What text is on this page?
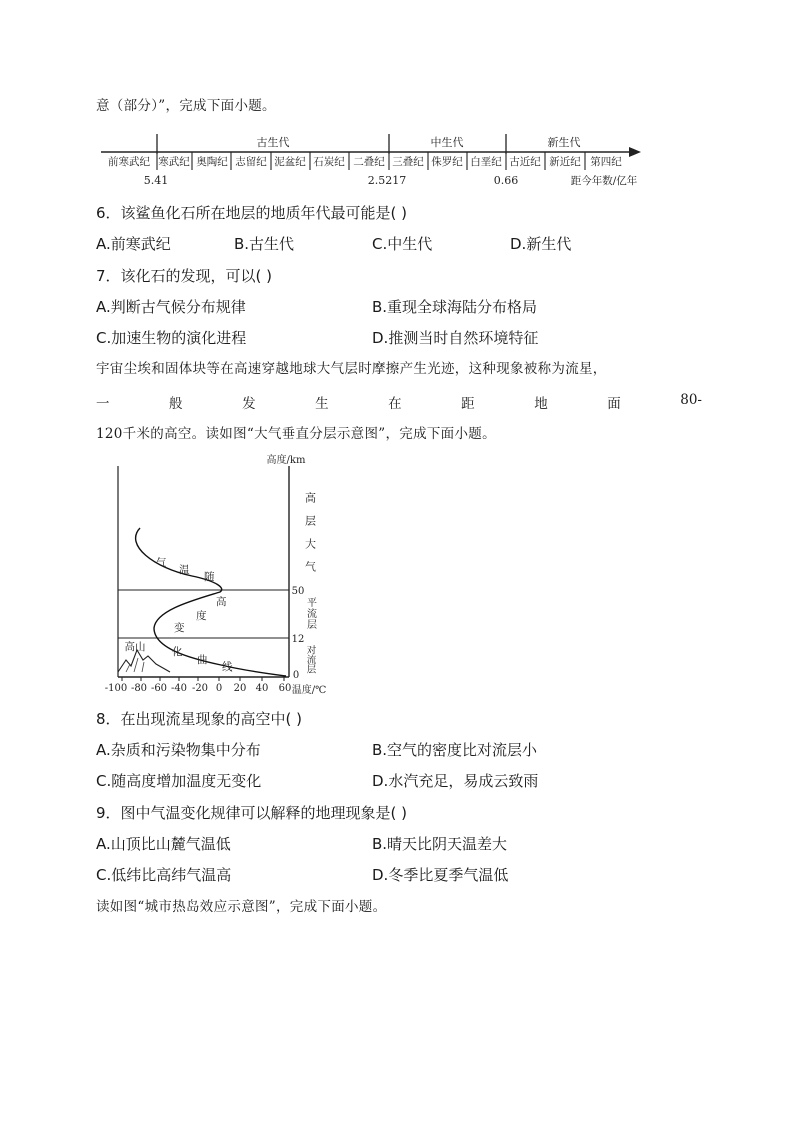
意（部分）”，完成下面小题。
古生代	中生代	新生代
前寒武纪 寒武纪 奥陶纪 志留纪 泥盆纪 石炭纪 二叠纪 三叠纪 侏罗纪 白垩纪 古近纪 新近纪 第四纪
5.41	2.5217	0.66	距今年数/亿年
6．该鲨鱼化石所在地层的地质年代最可能是( )
A.前寒武纪	B.古生代	C.中生代	D.新生代
7．该化石的发现，可以( )
A.判断古气候分布规律	B.重现全球海陆分布格局
C.加速生物的演化进程	D.推测当时自然环境特征
宇宙尘埃和固体块等在高速穿越地球大气层时摩擦产生光迹，这种现象被称为流星，
一	般	发	生	在	距	地	面	80-
120千米的高空。读如图“大气垂直分层示意图”，完成下面小题。
高山
气
温
随
高
度
变
化
曲
线
高度/km
50
12
0
高层大气
平流层
对流层
-100 -80 -60 -40 -20 0 20 40 60 温度/℃
8．在出现流星现象的高空中( )
A.杂质和污染物集中分布	B.空气的密度比对流层小
C.随高度增加温度无变化	D.水汽充足，易成云致雨
9．图中气温变化规律可以解释的地理现象是( )
A.山顶比山麓气温低	B.晴天比阴天温差大
C.低纬比高纬气温高	D.冬季比夏季气温低
读如图“城市热岛效应示意图”，完成下面小题。
